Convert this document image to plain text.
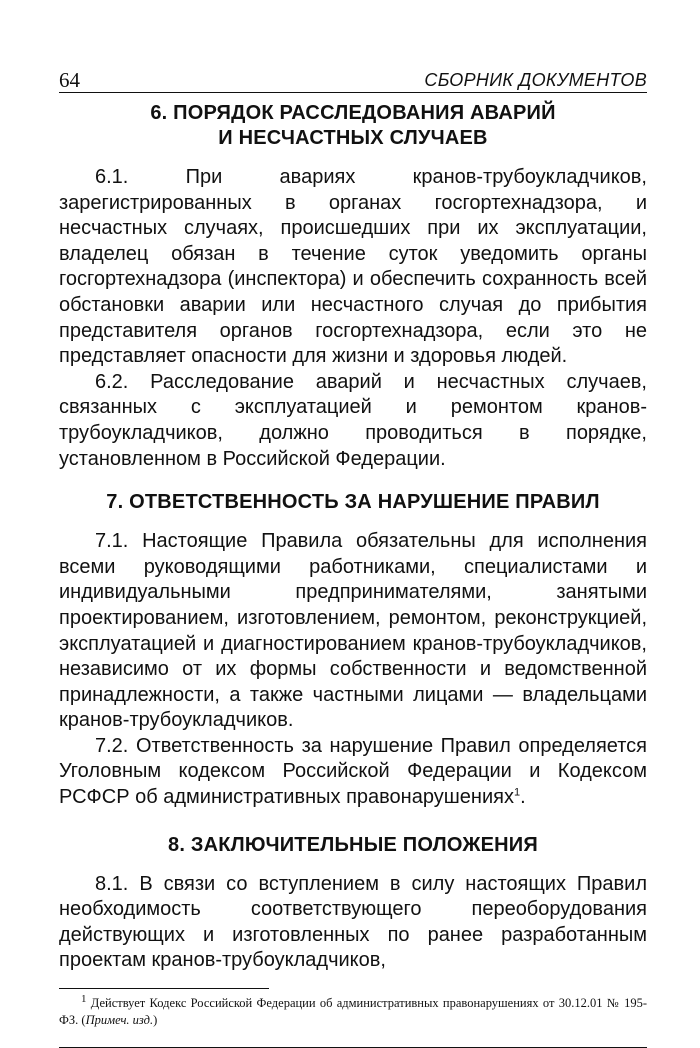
64	СБОРНИК ДОКУМЕНТОВ
6. ПОРЯДОК РАССЛЕДОВАНИЯ АВАРИЙ
И НЕСЧАСТНЫХ СЛУЧАЕВ

6.1. При авариях кранов-трубоукладчиков, зарегистрированных в органах госгортехнадзора, и несчастных случаях, происшедших при их эксплуатации, владелец обязан в течение суток уведомить органы госгортехнадзора (инспектора) и обеспечить сохранность всей обстановки аварии или несчастного случая до прибытия представителя органов госгортехнадзора, если это не представляет опасности для жизни и здоровья людей.

6.2. Расследование аварий и несчастных случаев, связанных с эксплуатацией и ремонтом кранов-трубоукладчиков, должно проводиться в порядке, установленном в Российской Федерации.

7. ОТВЕТСТВЕННОСТЬ ЗА НАРУШЕНИЕ ПРАВИЛ

7.1. Настоящие Правила обязательны для исполнения всеми руководящими работниками, специалистами и индивидуальными предпринимателями, занятыми проектированием, изготовлением, ремонтом, реконструкцией, эксплуатацией и диагностированием кранов-трубоукладчиков, независимо от их формы собственности и ведомственной принадлежности, а также частными лицами — владельцами кранов-трубоукладчиков.

7.2. Ответственность за нарушение Правил определяется Уголовным кодексом Российской Федерации и Кодексом РСФСР об административных правонарушениях$^1$.

8. ЗАКЛЮЧИТЕЛЬНЫЕ ПОЛОЖЕНИЯ

8.1. В связи со вступлением в силу настоящих Правил необходимость соответствующего переоборудования действующих и изготовленных по ранее разработанным проектам кранов-трубоукладчиков,

$^1$ Действует Кодекс Российской Федерации об административных правонарушениях от 30.12.01 № 195-ФЗ. (Примеч. изд.)
